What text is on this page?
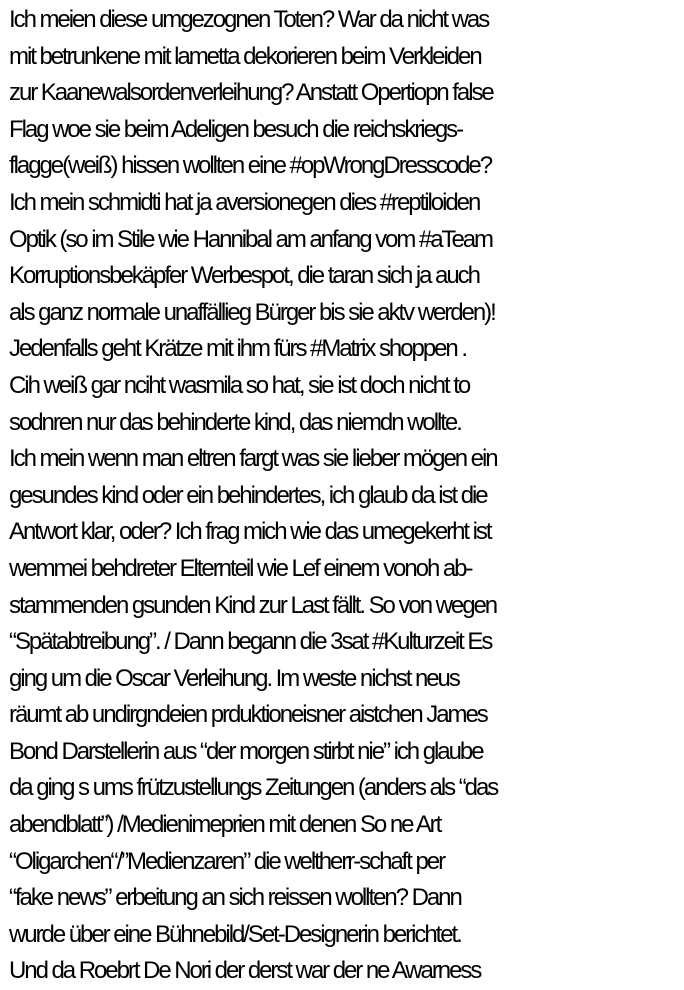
Ich meien diese umgezognen Toten? War da nicht was
mit betrunkene mit lametta dekorieren beim Verkleiden
zur Kaanewalsordenverleihung? Anstatt Opertiopn false
Flag woe sie beim Adeligen besuch die reichskriegs-
flagge(weiß) hissen wollten eine #opWrongDresscode?
Ich mein schmidti hat ja aversionegen dies #reptiloiden
Optik (so im Stile wie Hannibal am anfang vom #aTeam
Korruptionsbekäpfer Werbespot, die taran sich ja auch
als ganz normale unaffällieg Bürger bis sie aktv werden)!
Jedenfalls geht Krätze mit ihm fürs #Matrix shoppen .
Cih weiß gar nciht wasmila so hat, sie ist doch nicht to
sodnren nur das behinderte kind, das niemdn wollte.
Ich mein wenn man eltren fargt was sie lieber mögen ein
gesundes kind oder ein behindertes, ich glaub da ist die
Antwort klar, oder? Ich frag mich wie das umegekerht ist
wemmei behdreter Elternteil wie Lef einem vonoh ab-
stammenden gsunden Kind zur Last fällt. So von wegen
“Spätabtreibung”. / Dann begann die 3sat #Kulturzeit Es
ging um die Oscar Verleihung. Im weste nichst neus
räumt ab undirgndeien prduktioneisner aistchen James
Bond Darstellerin aus “der morgen stirbt nie” ich glaube
da ging s ums frützustellungs Zeitungen (anders als “das
abendblatt”) /Medienimeprien mit denen So ne Art
“Oligarchen“/”Medienzaren” die weltherr-schaft per
“fake news” erbeitung an sich reissen wollten? Dann
wurde über eine Bühnebild/Set-Designerin berichtet.
Und da Roebrt De Nori der derst war der ne Awarness
